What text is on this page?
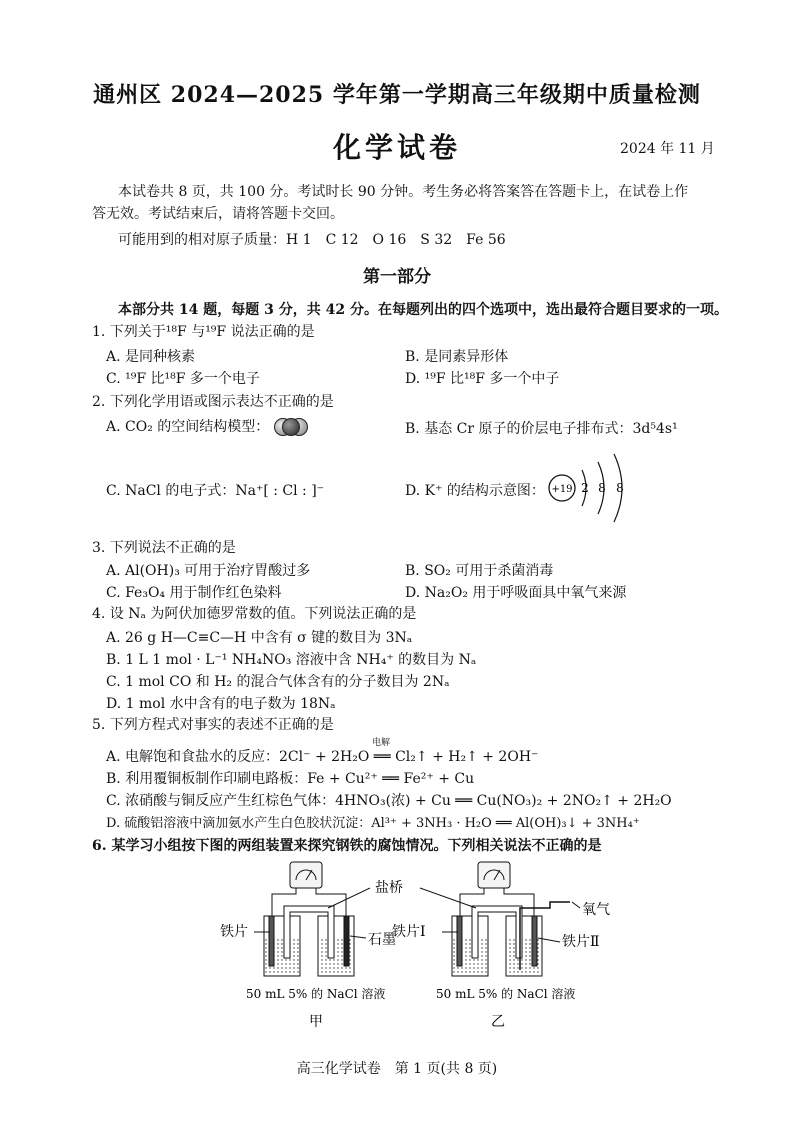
通州区 2024—2025 学年第一学期高三年级期中质量检测
化学试卷	2024 年 11 月
本试卷共 8 页，共 100 分。考试时长 90 分钟。考生务必将答案答在答题卡上，在试卷上作
答无效。考试结束后，请将答题卡交回。
可能用到的相对原子质量：H 1　C 12　O 16　S 32　Fe 56
第一部分
本部分共 14 题，每题 3 分，共 42 分。在每题列出的四个选项中，选出最符合题目要求的一项。
1. 下列关于¹⁸F 与¹⁹F 说法正确的是
A. 是同种核素	B. 是同素异形体
C. ¹⁹F 比¹⁸F 多一个电子	D. ¹⁹F 比¹⁸F 多一个中子
2. 下列化学用语或图示表达不正确的是
A. CO₂ 的空间结构模型：	B. 基态 Cr 原子的价层电子排布式：3d⁵4s¹
C. NaCl 的电子式：Na⁺[ : Cl : ]⁻	D. K⁺ 的结构示意图： +19 2 8 8
3. 下列说法不正确的是
A. Al(OH)₃ 可用于治疗胃酸过多	B. SO₂ 可用于杀菌消毒
C. Fe₃O₄ 用于制作红色染料	D. Na₂O₂ 用于呼吸面具中氧气来源
4. 设 Nₐ 为阿伏加德罗常数的值。下列说法正确的是
A. 26 g H—C≡C—H 中含有 σ 键的数目为 3Nₐ
B. 1 L 1 mol · L⁻¹ NH₄NO₃ 溶液中含 NH₄⁺ 的数目为 Nₐ
C. 1 mol CO 和 H₂ 的混合气体含有的分子数目为 2Nₐ
D. 1 mol 水中含有的电子数为 18Nₐ
5. 下列方程式对事实的表述不正确的是
电解
A. 电解饱和食盐水的反应：2Cl⁻ + 2H₂O ══ Cl₂↑ + H₂↑ + 2OH⁻
B. 利用覆铜板制作印刷电路板：Fe + Cu²⁺ ══ Fe²⁺ + Cu
C. 浓硝酸与铜反应产生红棕色气体：4HNO₃(浓) + Cu ══ Cu(NO₃)₂ + 2NO₂↑ + 2H₂O
D. 硫酸铝溶液中滴加氨水产生白色胶状沉淀：Al³⁺ + 3NH₃ · H₂O ══ Al(OH)₃↓ + 3NH₄⁺
6. 某学习小组按下图的两组装置来探究钢铁的腐蚀情况。下列相关说法不正确的是
盐桥
氧气
铁片	石墨
铁片Ⅰ
铁片Ⅱ
50 mL 5% 的 NaCl 溶液	50 mL 5% 的 NaCl 溶液
甲	乙
高三化学试卷　第 1 页(共 8 页)
